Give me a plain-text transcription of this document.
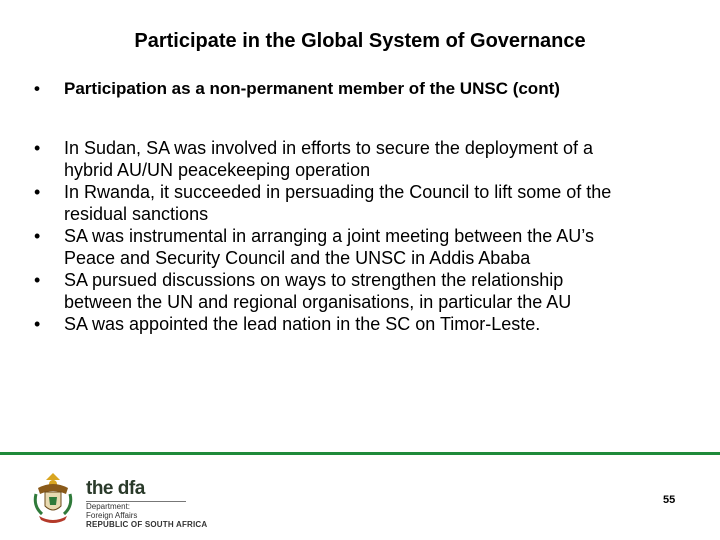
Participate in the Global System of Governance
•	Participation as a non-permanent member of the UNSC (cont)
•	In Sudan, SA was involved in efforts to secure the deployment of a
hybrid AU/UN peacekeeping operation
•	In Rwanda, it succeeded in persuading the Council to lift some of the
residual sanctions
•	SA was instrumental in arranging a joint meeting between the AU’s
Peace and Security Council and the UNSC in Addis Ababa
•	SA pursued discussions on ways to strengthen the relationship
between the UN and regional organisations, in particular the AU
•	SA was appointed the lead nation in the SC on Timor-Leste.
the dfa
Department:
Foreign Affairs
REPUBLIC OF SOUTH AFRICA
55
